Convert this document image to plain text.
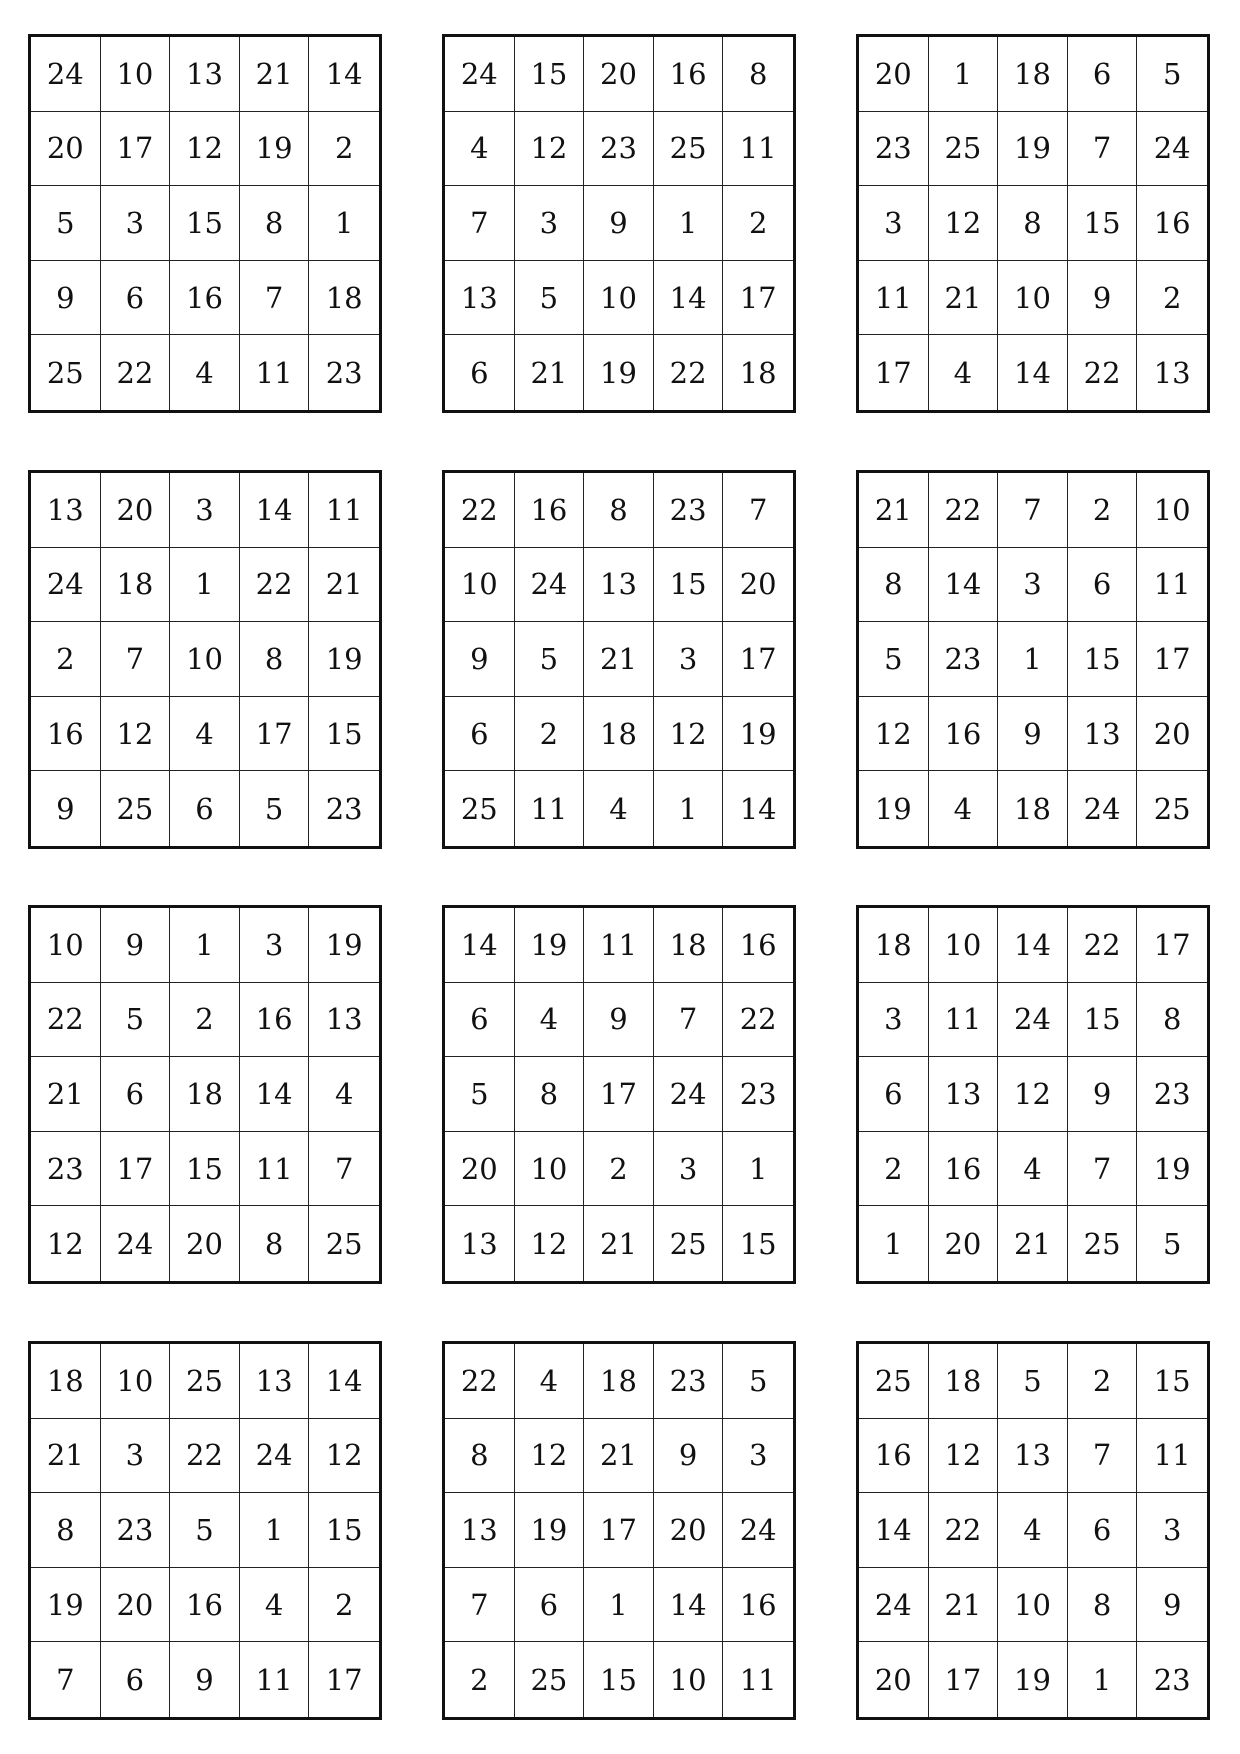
24	10	13	21	14
20	17	12	19	2
5	3	15	8	1
9	6	16	7	18
25	22	4	11	23
24	15	20	16	8
4	12	23	25	11
7	3	9	1	2
13	5	10	14	17
6	21	19	22	18
20	1	18	6	5
23	25	19	7	24
3	12	8	15	16
11	21	10	9	2
17	4	14	22	13
13	20	3	14	11
24	18	1	22	21
2	7	10	8	19
16	12	4	17	15
9	25	6	5	23
22	16	8	23	7
10	24	13	15	20
9	5	21	3	17
6	2	18	12	19
25	11	4	1	14
21	22	7	2	10
8	14	3	6	11
5	23	1	15	17
12	16	9	13	20
19	4	18	24	25
10	9	1	3	19
22	5	2	16	13
21	6	18	14	4
23	17	15	11	7
12	24	20	8	25
14	19	11	18	16
6	4	9	7	22
5	8	17	24	23
20	10	2	3	1
13	12	21	25	15
18	10	14	22	17
3	11	24	15	8
6	13	12	9	23
2	16	4	7	19
1	20	21	25	5
18	10	25	13	14
21	3	22	24	12
8	23	5	1	15
19	20	16	4	2
7	6	9	11	17
22	4	18	23	5
8	12	21	9	3
13	19	17	20	24
7	6	1	14	16
2	25	15	10	11
25	18	5	2	15
16	12	13	7	11
14	22	4	6	3
24	21	10	8	9
20	17	19	1	23
